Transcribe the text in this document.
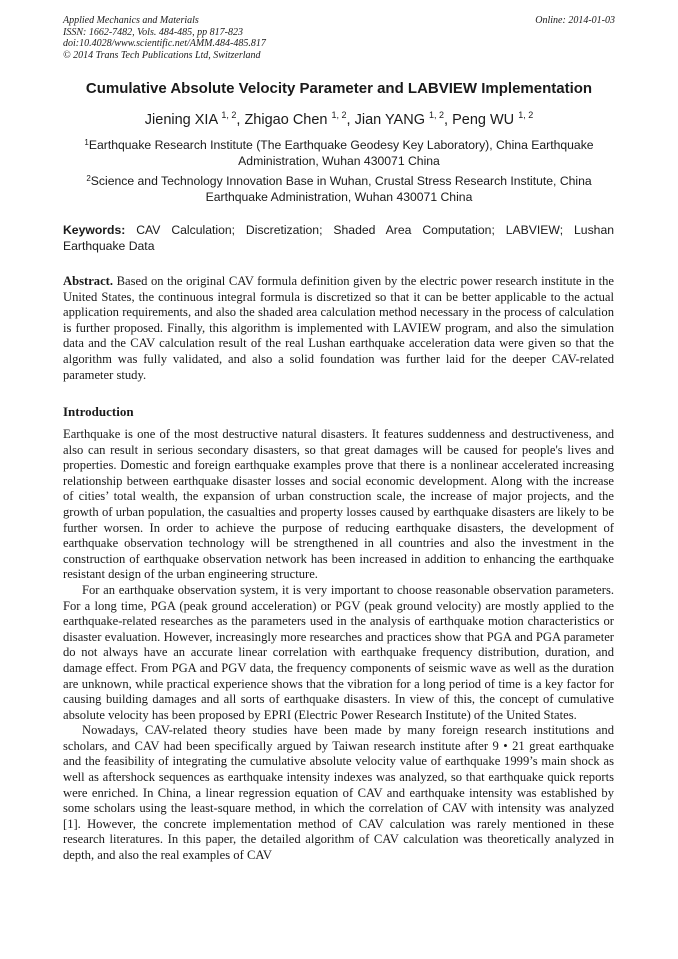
Applied Mechanics and Materials
ISSN: 1662-7482, Vols. 484-485, pp 817-823
doi:10.4028/www.scientific.net/AMM.484-485.817
© 2014 Trans Tech Publications Ltd, Switzerland
Online: 2014-01-03
Cumulative Absolute Velocity Parameter and LABVIEW Implementation
Jiening XIA $^{1, 2}$, Zhigao Chen $^{1, 2}$, Jian YANG $^{1, 2}$, Peng WU $^{1, 2}$
$^1$Earthquake Research Institute (The Earthquake Geodesy Key Laboratory), China Earthquake Administration, Wuhan 430071 China
$^2$Science and Technology Innovation Base in Wuhan, Crustal Stress Research Institute, China Earthquake Administration, Wuhan 430071 China
Keywords: CAV Calculation; Discretization; Shaded Area Computation; LABVIEW; Lushan Earthquake Data
Abstract. Based on the original CAV formula definition given by the electric power research institute in the United States, the continuous integral formula is discretized so that it can be better applicable to the actual application requirements, and also the shaded area calculation method necessary in the process of calculation is further proposed. Finally, this algorithm is implemented with LAVIEW program, and also the simulation data and the CAV calculation result of the real Lushan earthquake acceleration data were given so that the algorithm was fully validated, and also a solid foundation was further laid for the deeper CAV-related parameter study.
Introduction

Earthquake is one of the most destructive natural disasters. It features suddenness and destructiveness, and also can result in serious secondary disasters, so that great damages will be caused for people's lives and properties. Domestic and foreign earthquake examples prove that there is a nonlinear accelerated increasing relationship between earthquake disaster losses and social economic development. Along with the increase of cities’ total wealth, the expansion of urban construction scale, the increase of major projects, and the growth of urban population, the casualties and property losses caused by earthquake disasters are likely to be further worsen. In order to achieve the purpose of reducing earthquake disasters, the development of earthquake observation technology will be strengthened in all countries and also the investment in the construction of earthquake observation network has been increased in addition to enhancing the earthquake resistant design of the urban engineering structure.

For an earthquake observation system, it is very important to choose reasonable observation parameters. For a long time, PGA (peak ground acceleration) or PGV (peak ground velocity) are mostly applied to the earthquake-related researches as the parameters used in the analysis of earthquake motion characteristics or disaster evaluation. However, increasingly more researches and practices show that PGA and PGA parameter do not always have an accurate linear correlation with earthquake frequency distribution, duration, and damage effect. From PGA and PGV data, the frequency components of seismic wave as well as the duration are unknown, while practical experience shows that the vibration for a long period of time is a key factor for causing building damages and all sorts of earthquake disasters. In view of this, the concept of cumulative absolute velocity has been proposed by EPRI (Electric Power Research Institute) of the United States.

Nowadays, CAV-related theory studies have been made by many foreign research institutions and scholars, and CAV had been specifically argued by Taiwan research institute after 9 • 21 great earthquake and the feasibility of integrating the cumulative absolute velocity value of earthquake 1999’s main shock as well as aftershock sequences as earthquake intensity indexes was analyzed, so that earthquake quick reports were enriched. In China, a linear regression equation of CAV and earthquake intensity was established by some scholars using the least-square method, in which the correlation of CAV with intensity was analyzed [1]. However, the concrete implementation method of CAV calculation was rarely mentioned in these research literatures. In this paper, the detailed algorithm of CAV calculation was theoretically analyzed in depth, and also the real examples of CAV
